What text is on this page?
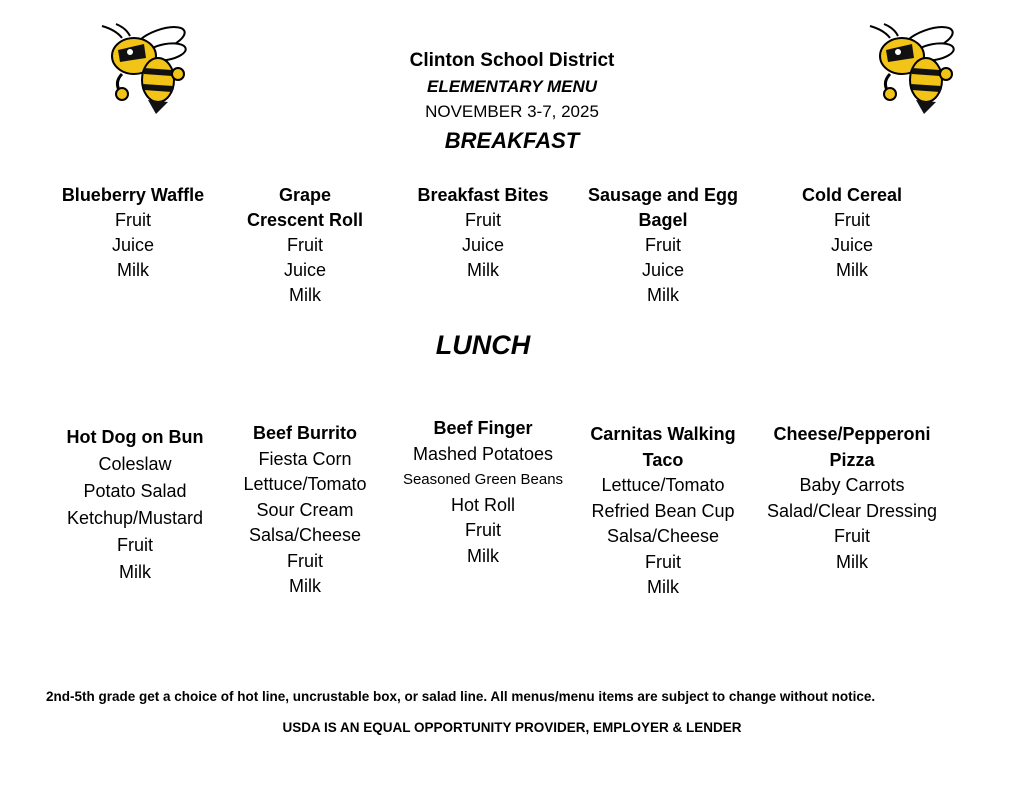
Clinton School District
ELEMENTARY MENU
NOVEMBER 3-7, 2025
BREAKFAST
Blueberry Waffle
Fruit
Juice
Milk
Grape
Crescent Roll
Fruit
Juice
Milk
Breakfast Bites
Fruit
Juice
Milk
Sausage and Egg
Bagel
Fruit
Juice
Milk
Cold Cereal
Fruit
Juice
Milk
LUNCH
Hot Dog on Bun
Coleslaw
Potato Salad
Ketchup/Mustard
Fruit
Milk
Beef Burrito
Fiesta Corn
Lettuce/Tomato
Sour Cream
Salsa/Cheese
Fruit
Milk
Beef Finger
Mashed Potatoes
Seasoned Green Beans
Hot Roll
Fruit
Milk
Carnitas Walking
Taco
Lettuce/Tomato
Refried Bean Cup
Salsa/Cheese
Fruit
Milk
Cheese/Pepperoni
Pizza
Baby Carrots
Salad/Clear Dressing
Fruit
Milk
2nd-5th grade get a choice of hot line, uncrustable box, or salad line. All menus/menu items are subject to change without notice.
USDA IS AN EQUAL OPPORTUNITY PROVIDER, EMPLOYER & LENDER
